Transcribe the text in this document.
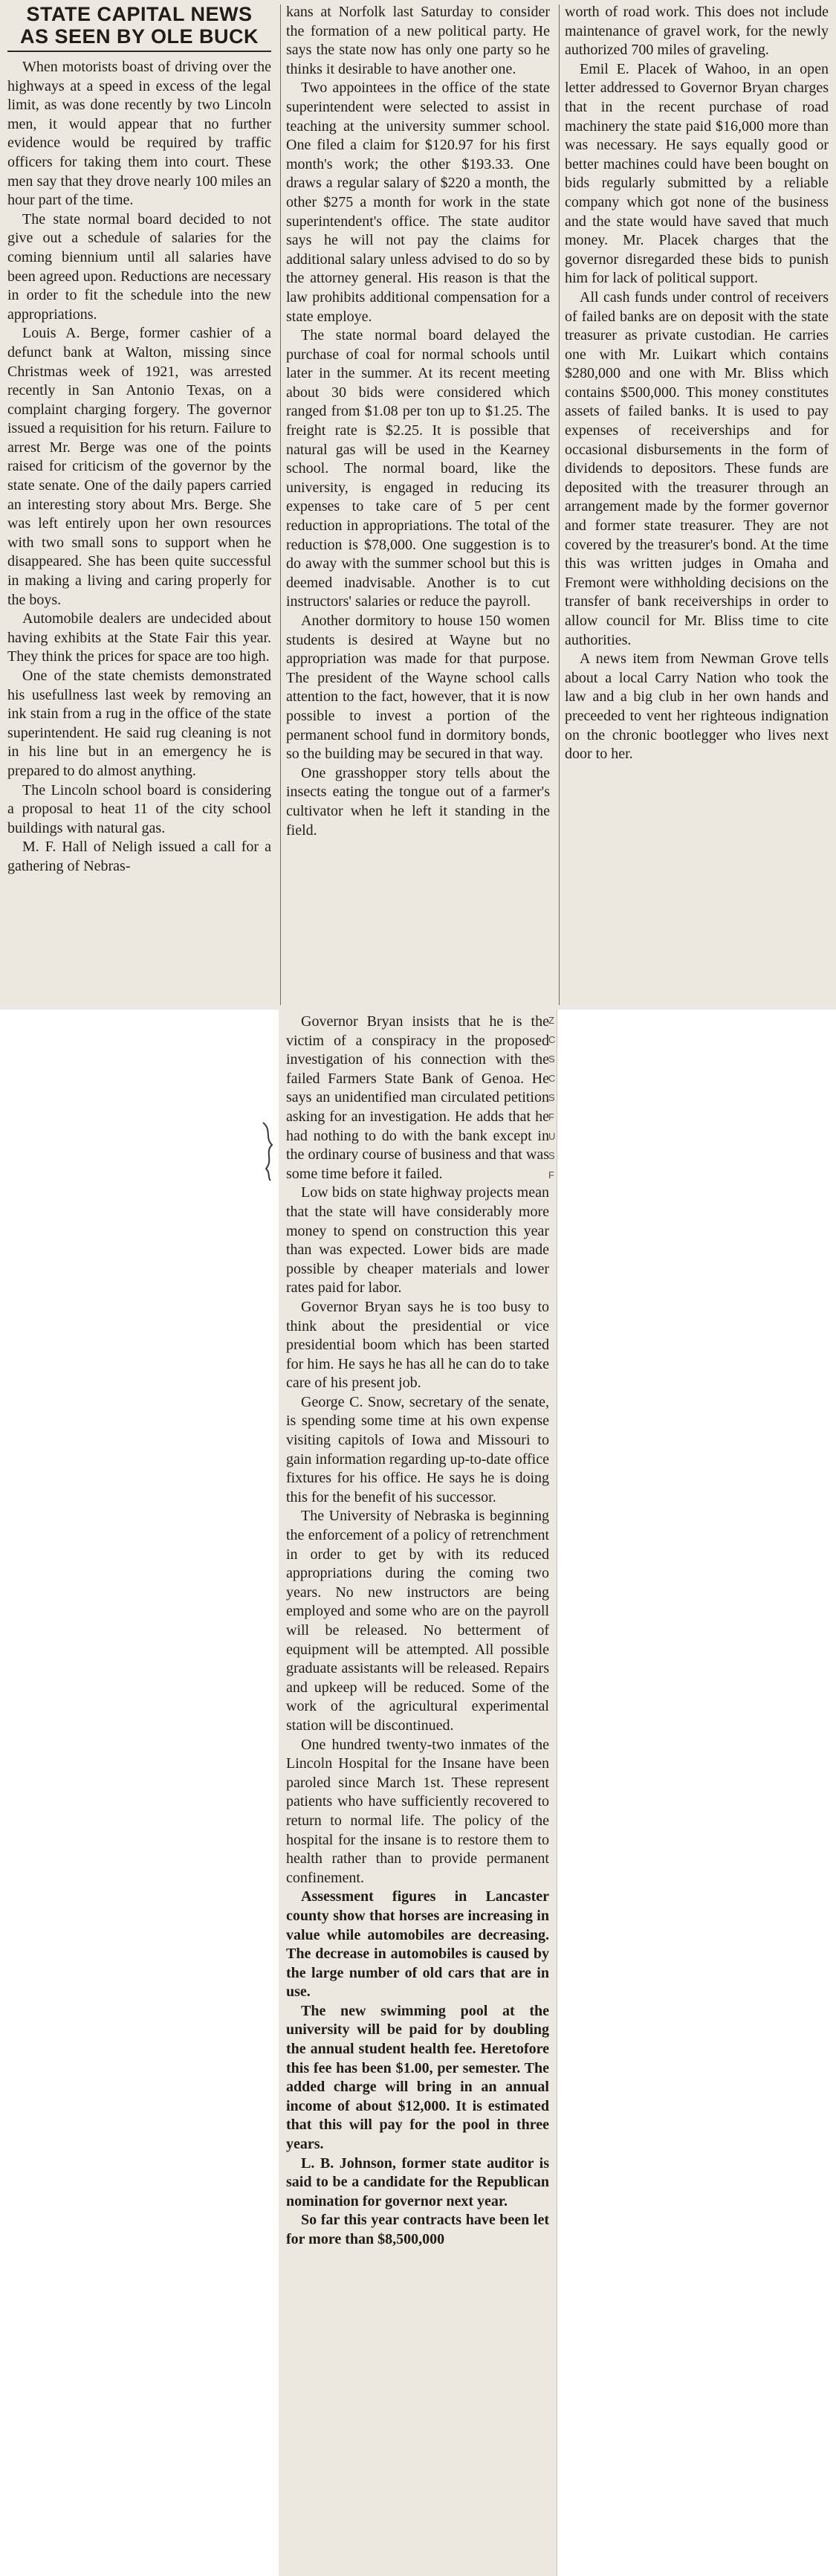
STATE CAPITAL NEWS
AS SEEN BY OLE BUCK

When motorists boast of driving over the highways at a speed in excess of the legal limit, as was done recently by two Lincoln men, it would appear that no further evidence would be required by traffic officers for taking them into court. These men say that they drove nearly 100 miles an hour part of the time.

The state normal board decided to not give out a schedule of salaries for the coming biennium until all salaries have been agreed upon. Reductions are necessary in order to fit the schedule into the new appropriations.

Louis A. Berge, former cashier of a defunct bank at Walton, missing since Christmas week of 1921, was arrested recently in San Antonio Texas, on a complaint charging forgery. The governor issued a requisition for his return. Failure to arrest Mr. Berge was one of the points raised for criticism of the governor by the state senate. One of the daily papers carried an interesting story about Mrs. Berge. She was left entirely upon her own resources with two small sons to support when he disappeared. She has been quite successful in making a living and caring properly for the boys.

Automobile dealers are undecided about having exhibits at the State Fair this year. They think the prices for space are too high.

One of the state chemists demonstrated his usefullness last week by removing an ink stain from a rug in the office of the state superintendent. He said rug cleaning is not in his line but in an emergency he is prepared to do almost anything.

The Lincoln school board is considering a proposal to heat 11 of the city school buildings with natural gas.

M. F. Hall of Neligh issued a call for a gathering of Nebras-

kans at Norfolk last Saturday to consider the formation of a new political party. He says the state now has only one party so he thinks it desirable to have another one.

Two appointees in the office of the state superintendent were selected to assist in teaching at the university summer school. One filed a claim for $120.97 for his first month's work; the other $193.33. One draws a regular salary of $220 a month, the other $275 a month for work in the state superintendent's office. The state auditor says he will not pay the claims for additional salary unless advised to do so by the attorney general. His reason is that the law prohibits additional compensation for a state employe.

The state normal board delayed the purchase of coal for normal schools until later in the summer. At its recent meeting about 30 bids were considered which ranged from $1.08 per ton up to $1.25. The freight rate is $2.25. It is possible that natural gas will be used in the Kearney school. The normal board, like the university, is engaged in reducing its expenses to take care of 5 per cent reduction in appropriations. The total of the reduction is $78,000. One suggestion is to do away with the summer school but this is deemed inadvisable. Another is to cut instructors' salaries or reduce the payroll.

Another dormitory to house 150 women students is desired at Wayne but no appropriation was made for that purpose. The president of the Wayne school calls attention to the fact, however, that it is now possible to invest a portion of the permanent school fund in dormitory bonds, so the building may be secured in that way.

One grasshopper story tells about the insects eating the tongue out of a farmer's cultivator when he left it standing in the field.

worth of road work. This does not include maintenance of gravel work, for the newly authorized 700 miles of graveling.

Emil E. Placek of Wahoo, in an open letter addressed to Governor Bryan charges that in the recent purchase of road machinery the state paid $16,000 more than was necessary. He says equally good or better machines could have been bought on bids regularly submitted by a reliable company which got none of the business and the state would have saved that much money. Mr. Placek charges that the governor disregarded these bids to punish him for lack of political support.

All cash funds under control of receivers of failed banks are on deposit with the state treasurer as private custodian. He carries one with Mr. Luikart which contains $280,000 and one with Mr. Bliss which contains $500,000. This money constitutes assets of failed banks. It is used to pay expenses of receiverships and for occasional disbursements in the form of dividends to depositors. These funds are deposited with the treasurer through an arrangement made by the former governor and former state treasurer. They are not covered by the treasurer's bond. At the time this was written judges in Omaha and Fremont were withholding decisions on the transfer of bank receiverships in order to allow council for Mr. Bliss time to cite authorities.

A news item from Newman Grove tells about a local Carry Nation who took the law and a big club in her own hands and preceeded to vent her righteous indignation on the chronic bootlegger who lives next door to her.

Governor Bryan insists that he is the victim of a conspiracy in the proposed investigation of his connection with the failed Farmers State Bank of Genoa. He says an unidentified man circulated petition asking for an investigation. He adds that he had nothing to do with the bank except in the ordinary course of business and that was some time before it failed.

Low bids on state highway projects mean that the state will have considerably more money to spend on construction this year than was expected. Lower bids are made possible by cheaper materials and lower rates paid for labor.

Governor Bryan says he is too busy to think about the presidential or vice presidential boom which has been started for him. He says he has all he can do to take care of his present job.

George C. Snow, secretary of the senate, is spending some time at his own expense visiting capitols of Iowa and Missouri to gain information regarding up-to-date office fixtures for his office. He says he is doing this for the benefit of his successor.

The University of Nebraska is beginning the enforcement of a policy of retrenchment in order to get by with its reduced appropriations during the coming two years. No new instructors are being employed and some who are on the payroll will be released. No betterment of equipment will be attempted. All possible graduate assistants will be released. Repairs and upkeep will be reduced. Some of the work of the agricultural experimental station will be discontinued.

One hundred twenty-two inmates of the Lincoln Hospital for the Insane have been paroled since March 1st. These represent patients who have sufficiently recovered to return to normal life. The policy of the hospital for the insane is to restore them to health rather than to provide permanent confinement.

Assessment figures in Lancaster county show that horses are increasing in value while automobiles are decreasing. The decrease in automobiles is caused by the large number of old cars that are in use.

The new swimming pool at the university will be paid for by doubling the annual student health fee. Heretofore this fee has been $1.00, per semester. The added charge will bring in an annual income of about $12,000. It is estimated that this will pay for the pool in three years.

L. B. Johnson, former state auditor is said to be a candidate for the Republican nomination for governor next year.

So far this year contracts have been let for more than $8,500,000

Z
C
S
C
S
F
U
S
F
